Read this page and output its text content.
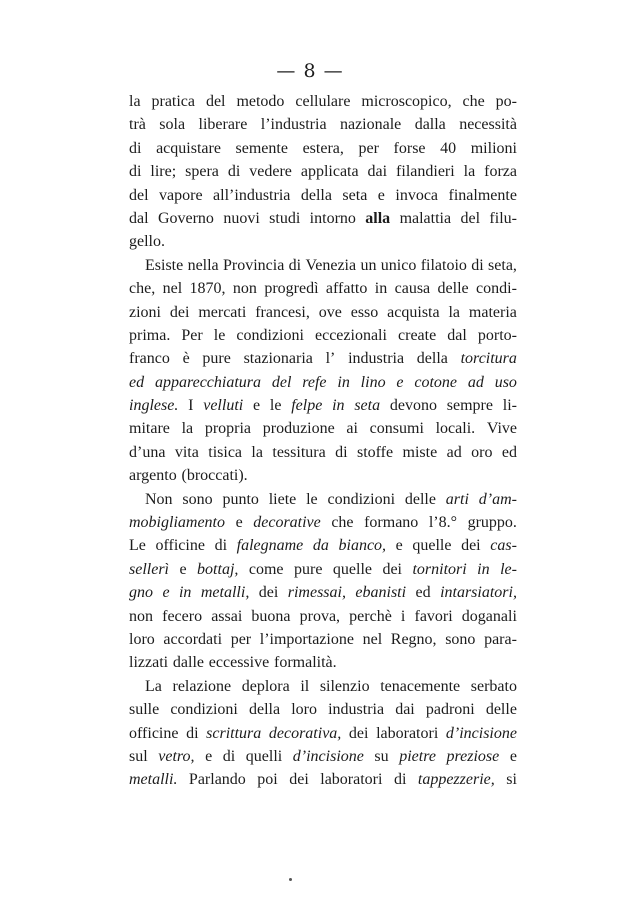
— 8 —
la pratica del metodo cellulare microscopico, che po-
trà sola liberare l’industria nazionale dalla necessità
di acquistare semente estera, per forse 40 milioni
di lire; spera di vedere applicata dai filandieri la forza
del vapore all’industria della seta e invoca finalmente
dal Governo nuovi studi intorno alla malattia del filu-
gello.
Esiste nella Provincia di Venezia un unico filatoio di seta,
che, nel 1870, non progredì affatto in causa delle condi-
zioni dei mercati francesi, ove esso acquista la materia
prima. Per le condizioni eccezionali create dal porto-
franco è pure stazionaria l’ industria della torcitura
ed apparecchiatura del refe in lino e cotone ad uso
inglese. I velluti e le felpe in seta devono sempre li-
mitare la propria produzione ai consumi locali. Vive
d’una vita tisica la tessitura di stoffe miste ad oro ed
argento (broccati).
Non sono punto liete le condizioni delle arti d’am-
mobigliamento e decorative che formano l’8.° gruppo.
Le officine di falegname da bianco, e quelle dei cas-
sellerì e bottaj, come pure quelle dei tornitori in le-
gno e in metalli, dei rimessai, ebanisti ed intarsiatori,
non fecero assai buona prova, perchè i favori doganali
loro accordati per l’importazione nel Regno, sono para-
lizzati dalle eccessive formalità.
La relazione deplora il silenzio tenacemente serbato
sulle condizioni della loro industria dai padroni delle
officine di scrittura decorativa, dei laboratori d’incisione
sul vetro, e di quelli d’incisione su pietre preziose e
metalli. Parlando poi dei laboratori di tappezzerie, si
